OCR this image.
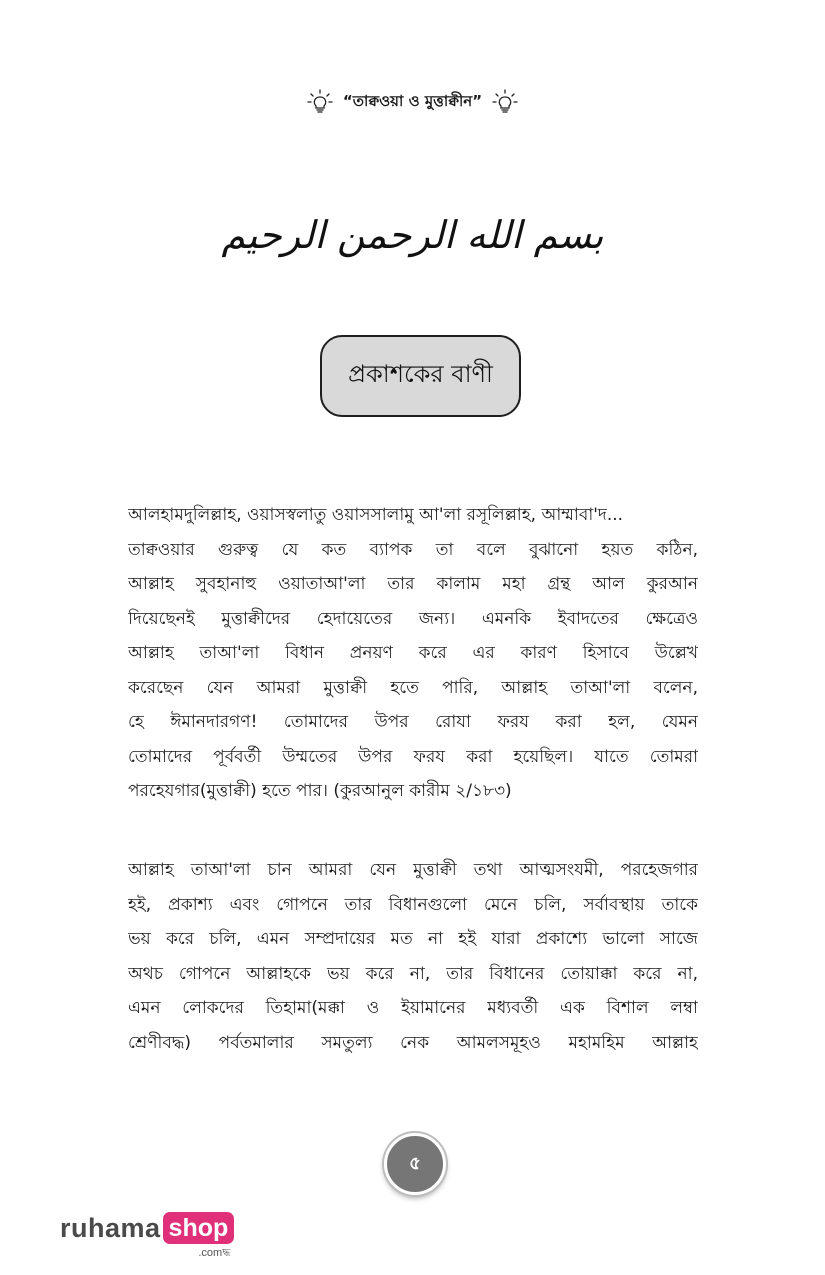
“তাক্বওয়া ও মুত্তাক্বীন”
بسم الله الرحمن الرحيم
প্রকাশকের বাণী
আলহামদুলিল্লাহ, ওয়াসস্বলাতু ওয়াসসালামু আ'লা রসূলিল্লাহ, আম্মাবা'দ...
তাক্বওয়ার গুরুত্ব যে কত ব্যাপক তা বলে বুঝানো হয়ত কঠিন,
আল্লাহ সুবহানাহু ওয়াতাআ'লা তার কালাম মহা গ্রন্থ আল কুরআন
দিয়েছেনই মুত্তাক্বীদের হেদায়েতের জন্য। এমনকি ইবাদতের ক্ষেত্রেও
আল্লাহ তাআ'লা বিধান প্রনয়ণ করে এর কারণ হিসাবে উল্লেখ
করেছেন যেন আমরা মুত্তাক্বী হতে পারি, আল্লাহ তাআ'লা বলেন,
হে ঈমানদারগণ! তোমাদের উপর রোযা ফরয করা হল, যেমন
তোমাদের পূর্ববর্তী উম্মতের উপর ফরয করা হয়েছিল। যাতে তোমরা
পরহেযগার(মুত্তাক্বী) হতে পার। (কুরআনুল কারীম ২/১৮৩)
আল্লাহ তাআ'লা চান আমরা যেন মুত্তাক্বী তথা আত্মসংযমী, পরহেজগার
হই, প্রকাশ্য এবং গোপনে তার বিধানগুলো মেনে চলি, সর্বাবস্থায় তাকে
ভয় করে চলি, এমন সম্প্রদায়ের মত না হই যারা প্রকাশ্যে ভালো সাজে
অথচ গোপনে আল্লাহকে ভয় করে না, তার বিধানের তোয়াক্কা করে না,
এমন লোকদের তিহামা(মক্কা ও ইয়ামানের মধ্যবর্তী এক বিশাল লম্বা
শ্রেণীবদ্ধ) পর্বতমালার সমতুল্য নেক আমলসমূহও মহামহিম আল্লাহ
৫
ruhama shop
.comদ্ধ
